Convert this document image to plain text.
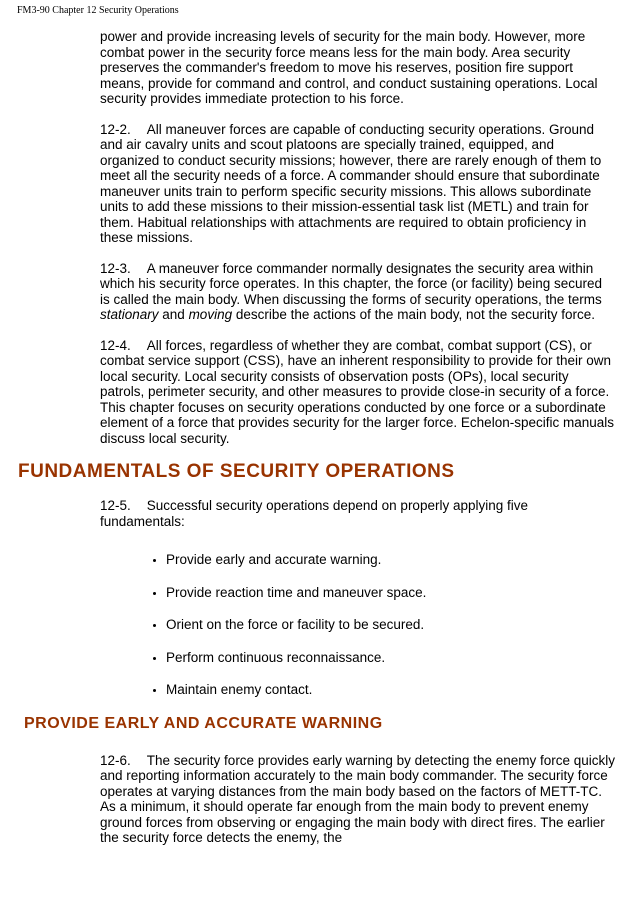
FM3-90 Chapter 12 Security Operations

power and provide increasing levels of security for the main body. However, more combat power in the security force means less for the main body. Area security preserves the commander's freedom to move his reserves, position fire support means, provide for command and control, and conduct sustaining operations. Local security provides immediate protection to his force.

12-2. All maneuver forces are capable of conducting security operations. Ground and air cavalry units and scout platoons are specially trained, equipped, and organized to conduct security missions; however, there are rarely enough of them to meet all the security needs of a force. A commander should ensure that subordinate maneuver units train to perform specific security missions. This allows subordinate units to add these missions to their mission-essential task list (METL) and train for them. Habitual relationships with attachments are required to obtain proficiency in these missions.

12-3. A maneuver force commander normally designates the security area within which his security force operates. In this chapter, the force (or facility) being secured is called the main body. When discussing the forms of security operations, the terms stationary and moving describe the actions of the main body, not the security force.

12-4. All forces, regardless of whether they are combat, combat support (CS), or combat service support (CSS), have an inherent responsibility to provide for their own local security. Local security consists of observation posts (OPs), local security patrols, perimeter security, and other measures to provide close-in security of a force. This chapter focuses on security operations conducted by one force or a subordinate element of a force that provides security for the larger force. Echelon-specific manuals discuss local security.

FUNDAMENTALS OF SECURITY OPERATIONS

12-5. Successful security operations depend on properly applying five fundamentals:

• Provide early and accurate warning.
• Provide reaction time and maneuver space.
• Orient on the force or facility to be secured.
• Perform continuous reconnaissance.
• Maintain enemy contact.
PROVIDE EARLY AND ACCURATE WARNING

12-6. The security force provides early warning by detecting the enemy force quickly and reporting information accurately to the main body commander. The security force operates at varying distances from the main body based on the factors of METT-TC. As a minimum, it should operate far enough from the main body to prevent enemy ground forces from observing or engaging the main body with direct fires. The earlier the security force detects the enemy, the
